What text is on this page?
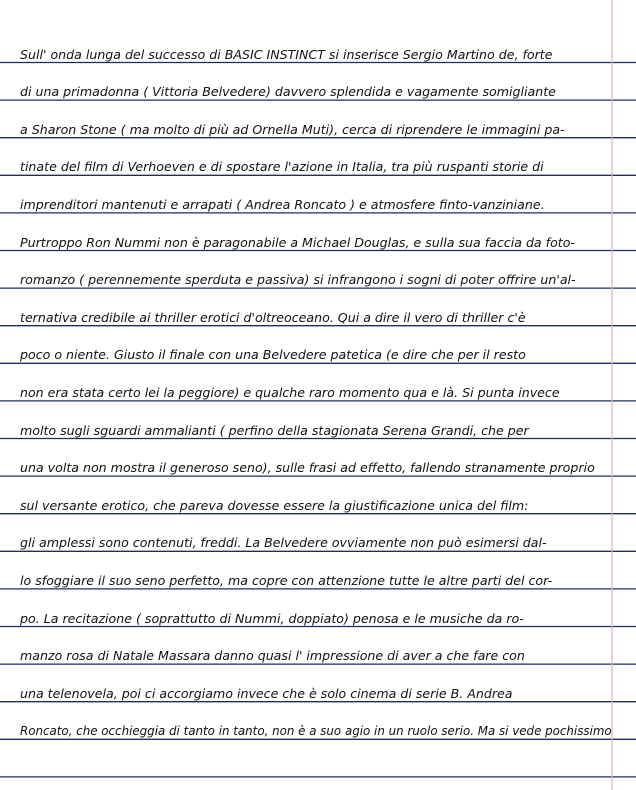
Sull' onda lunga del successo di BASIC INSTINCT si inserisce Sergio Martino de, forte
di una primadonna ( Vittoria Belvedere) davvero splendida e vagamente somigliante
a Sharon Stone ( ma molto di più ad Ornella Muti), cerca di riprendere le immagini pa-
tinate del film di Verhoeven e di spostare l'azione in Italia, tra più ruspanti storie di
imprenditori mantenuti e arrapati ( Andrea Roncato ) e atmosfere finto-vanziniane.
Purtroppo Ron Nummi non è paragonabile a Michael Douglas, e sulla sua faccia da foto-
romanzo ( perennemente sperduta e passiva) si infrangono i sogni di poter offrire un'al-
ternativa credibile ai thriller erotici d'oltreoceano. Qui a dire il vero di thriller c'è
poco o niente. Giusto il finale con una Belvedere patetica (e dire che per il resto
non era stata certo lei la peggiore) e qualche raro momento qua e là. Si punta invece
molto sugli sguardi ammalianti ( perfino della stagionata Serena Grandi, che per
una volta non mostra il generoso seno), sulle frasi ad effetto, fallendo stranamente proprio
sul versante erotico, che pareva dovesse essere la giustificazione unica del film:
gli amplessi sono contenuti, freddi. La Belvedere ovviamente non può esimersi dal-
lo sfoggiare il suo seno perfetto, ma copre con attenzione tutte le altre parti del cor-
po. La recitazione ( soprattutto di Nummi, doppiato) penosa e le musiche da ro-
manzo rosa di Natale Massara danno quasi l' impressione di aver a che fare con
una telenovela, poi ci accorgiamo invece che è solo cinema di serie B. Andrea
Roncato, che occhieggia di tanto in tanto, non è a suo agio in un ruolo serio. Ma si vede pochissimo
